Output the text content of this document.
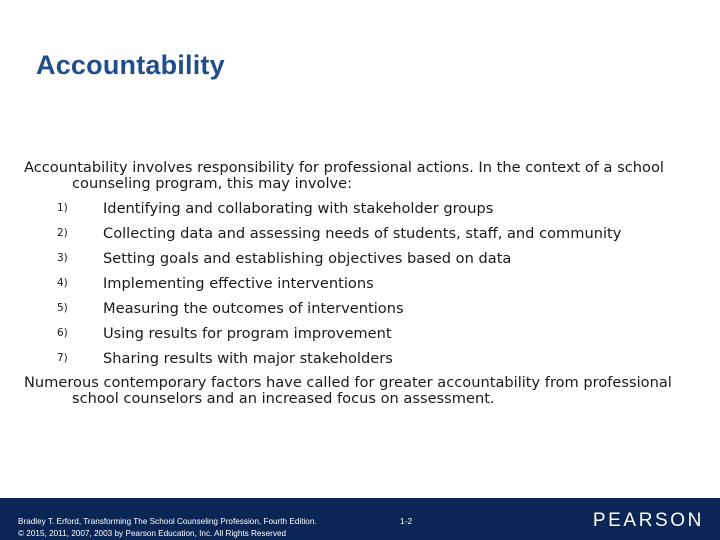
Accountability

Accountability involves responsibility for professional actions. In the context of a school counseling program, this may involve:

1) Identifying and collaborating with stakeholder groups
2) Collecting data and assessing needs of students, staff, and community
3) Setting goals and establishing objectives based on data
4) Implementing effective interventions
5) Measuring the outcomes of interventions
6) Using results for program improvement
7) Sharing results with major stakeholders

Numerous contemporary factors have called for greater accountability from professional school counselors and an increased focus on assessment.

Bradley T. Erford, Transforming The School Counseling Profession, Fourth Edition.
© 2015, 2011, 2007, 2003 by Pearson Education, Inc. All Rights Reserved
1-2	PEARSON
